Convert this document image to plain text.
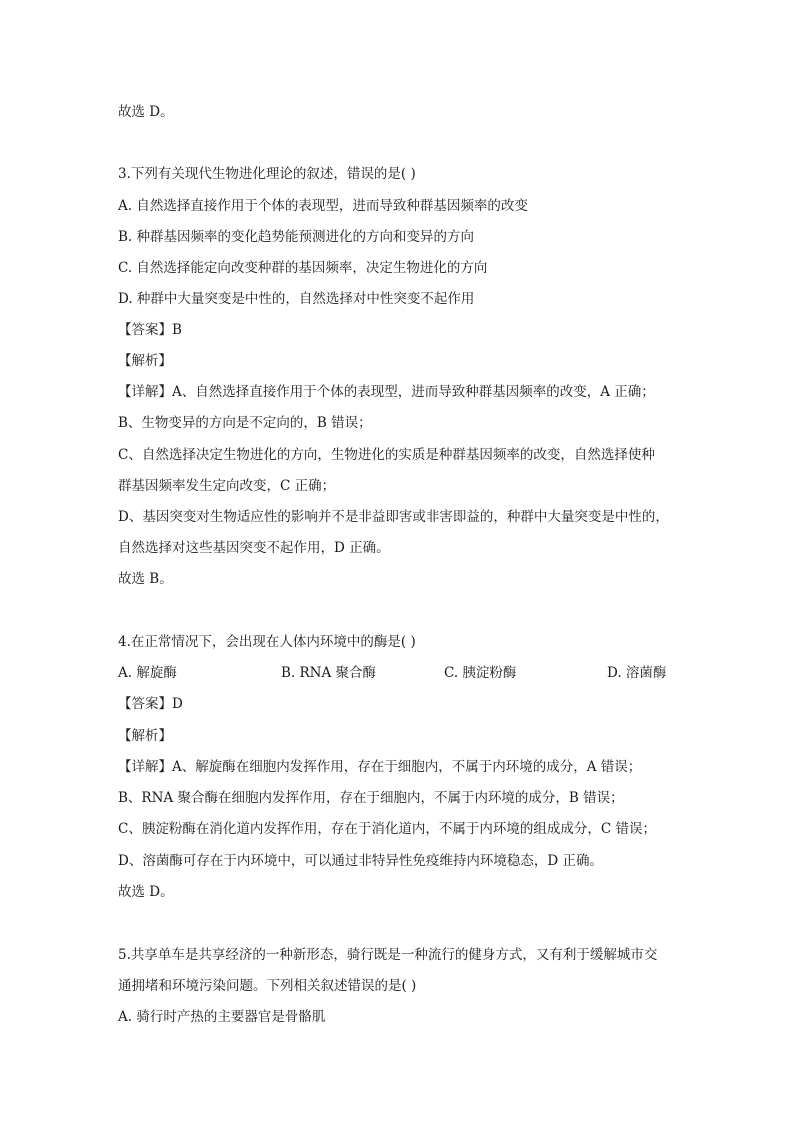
故选 D。
3.下列有关现代生物进化理论的叙述，错误的是( )
A. 自然选择直接作用于个体的表现型，进而导致种群基因频率的改变
B. 种群基因频率的变化趋势能预测进化的方向和变异的方向
C. 自然选择能定向改变种群的基因频率，决定生物进化的方向
D. 种群中大量突变是中性的，自然选择对中性突变不起作用
【答案】B
【解析】
【详解】A、自然选择直接作用于个体的表现型，进而导致种群基因频率的改变，A 正确；
B、生物变异的方向是不定向的，B 错误；
C、自然选择决定生物进化的方向，生物进化的实质是种群基因频率的改变，自然选择使种
群基因频率发生定向改变，C 正确；
D、基因突变对生物适应性的影响并不是非益即害或非害即益的，种群中大量突变是中性的，
自然选择对这些基因突变不起作用，D 正确。
故选 B。
4.在正常情况下，会出现在人体内环境中的酶是( )
A. 解旋酶	B. RNA 聚合酶	C. 胰淀粉酶	D. 溶菌酶
【答案】D
【解析】
【详解】A、解旋酶在细胞内发挥作用，存在于细胞内，不属于内环境的成分，A 错误；
B、RNA 聚合酶在细胞内发挥作用，存在于细胞内，不属于内环境的成分，B 错误；
C、胰淀粉酶在消化道内发挥作用，存在于消化道内，不属于内环境的组成成分，C 错误；
D、溶菌酶可存在于内环境中，可以通过非特异性免疫维持内环境稳态，D 正确。
故选 D。
5.共享单车是共享经济的一种新形态，骑行既是一种流行的健身方式，又有利于缓解城市交
通拥堵和环境污染问题。下列相关叙述错误的是( )
A. 骑行时产热的主要器官是骨骼肌
